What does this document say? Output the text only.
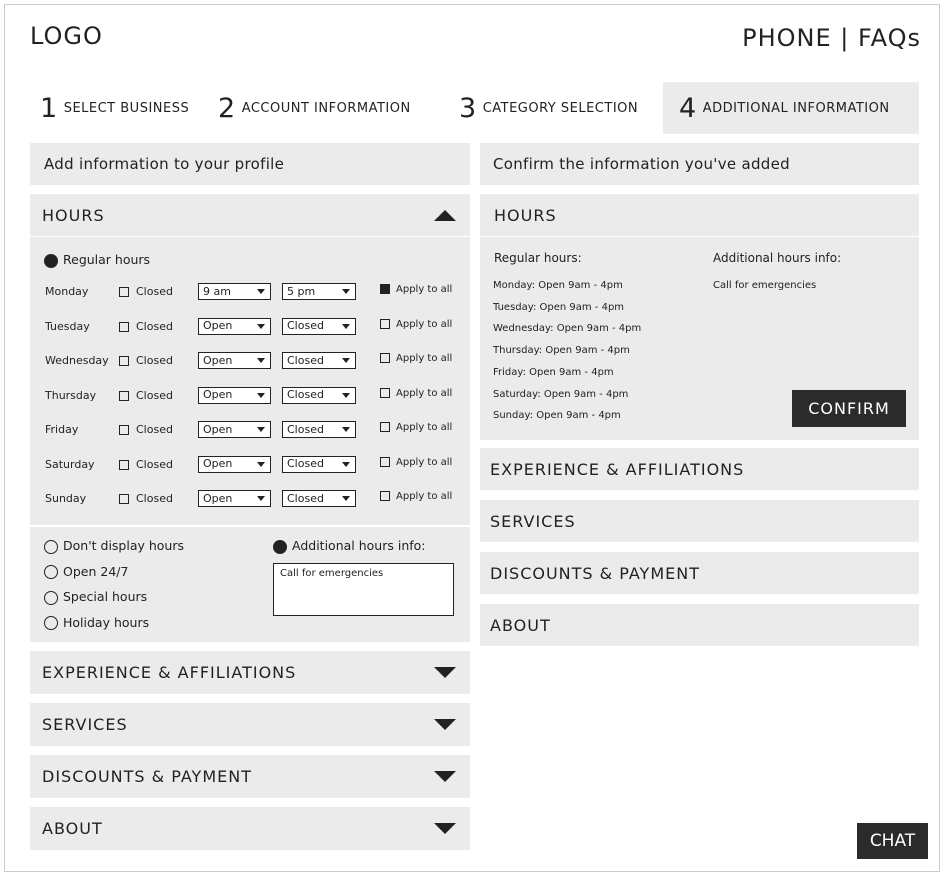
LOGO	PHONE | FAQs
1 SELECT BUSINESS 2 ACCOUNT INFORMATION 3 CATEGORY SELECTION 4 ADDITIONAL INFORMATION
Add information to your profile
HOURS
Regular hours
Monday	Closed	9 am	5 pm	Apply to all
Tuesday	Closed	Open	Closed	Apply to all
Wednesday	Closed	Open	Closed	Apply to all
Thursday	Closed	Open	Closed	Apply to all
Friday	Closed	Open	Closed	Apply to all
Saturday	Closed	Open	Closed	Apply to all
Sunday	Closed	Open	Closed	Apply to all
Don't display hours
Open 24/7
Special hours
Holiday hours
Additional hours info:
Call for emergencies
EXPERIENCE & AFFILIATIONS
SERVICES
DISCOUNTS & PAYMENT
ABOUT
Confirm the information you've added
HOURS
Regular hours:	Additional hours info:
Call for emergencies
Monday: Open 9am - 4pm
Tuesday: Open 9am - 4pm
Wednesday: Open 9am - 4pm
Thursday: Open 9am - 4pm
Friday: Open 9am - 4pm
Saturday: Open 9am - 4pm
Sunday: Open 9am - 4pm	CONFIRM
EXPERIENCE & AFFILIATIONS
SERVICES
DISCOUNTS & PAYMENT
ABOUT
CHAT
